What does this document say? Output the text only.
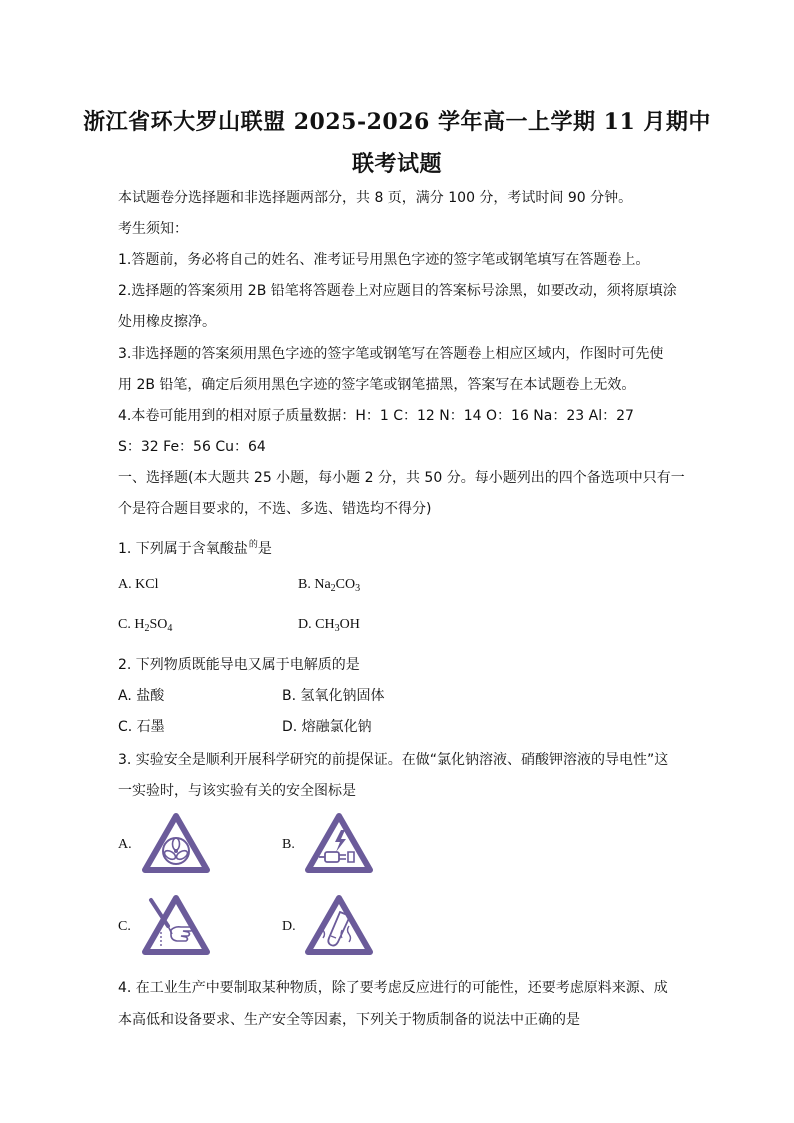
浙江省环大罗山联盟 2025-2026 学年高一上学期 11 月期中
联考试题
本试题卷分选择题和非选择题两部分，共 8 页，满分 100 分，考试时间 90 分钟。
考生须知：
1.答题前，务必将自己的姓名、准考证号用黑色字迹的签字笔或钢笔填写在答题卷上。
2.选择题的答案须用 2B 铅笔将答题卷上对应题目的答案标号涂黑，如要改动，须将原填涂
处用橡皮擦净。
3.非选择题的答案须用黑色字迹的签字笔或钢笔写在答题卷上相应区域内，作图时可先使
用 2B 铅笔，确定后须用黑色字迹的签字笔或钢笔描黑，答案写在本试题卷上无效。
4.本卷可能用到的相对原子质量数据：H：1 C：12 N：14 O：16 Na：23 Al：27
S：32 Fe：56 Cu：64
一、选择题(本大题共 25 小题，每小题 2 分，共 50 分。每小题列出的四个备选项中只有一
个是符合题目要求的，不选、多选、错选均不得分)
1. 下列属于含氧酸盐$^的$是
A. KCl	B. $Na_2CO_3$
C. $H_2SO_4$	D. $CH_3OH$
2. 下列物质既能导电又属于电解质的是
A. 盐酸	B. 氢氧化钠固体
C. 石墨	D. 熔融氯化钠
3. 实验安全是顺利开展科学研究的前提保证。在做“氯化钠溶液、硝酸钾溶液的导电性”这
一实验时，与该实验有关的安全图标是
A.	B.
C.	D.
4. 在工业生产中要制取某种物质，除了要考虑反应进行的可能性，还要考虑原料来源、成
本高低和设备要求、生产安全等因素，下列关于物质制备的说法中正确的是
